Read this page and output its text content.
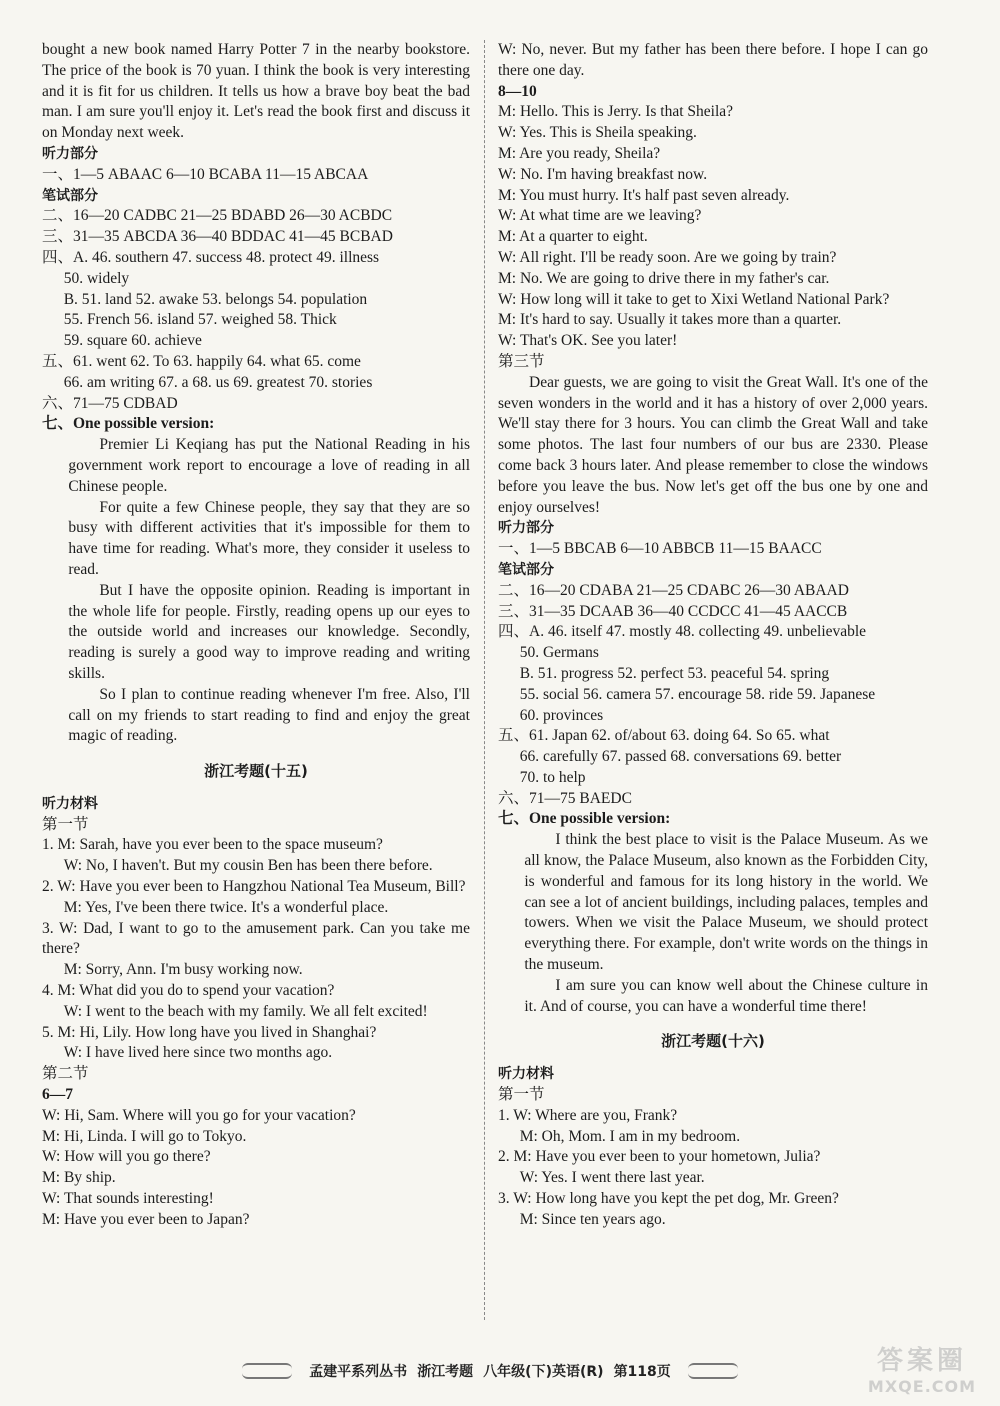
bought a new book named Harry Potter 7 in the nearby bookstore. The price of the book is 70 yuan. I think the book is very interesting and it is fit for us children. It tells us how a brave boy beat the bad man. I am sure you'll enjoy it. Let's read the book first and discuss it on Monday next week.

听力部分

一、1—5 ABAAC 6—10 BCABA 11—15 ABCAA

笔试部分

二、16—20 CADBC 21—25 BDABD 26—30 ACBDC

三、31—35 ABCDA 36—40 BDDAC 41—45 BCBAD

四、A. 46. southern 47. success 48. protect 49. illness

50. widely

B. 51. land 52. awake 53. belongs 54. population

55. French 56. island 57. weighed 58. Thick

59. square 60. achieve

五、61. went 62. To 63. happily 64. what 65. come

66. am writing 67. a 68. us 69. greatest 70. stories

六、71—75 CDBAD

七、One possible version:

Premier Li Keqiang has put the National Reading in his government work report to encourage a love of reading in all Chinese people.

For quite a few Chinese people, they say that they are so busy with different activities that it's impossible for them to have time for reading. What's more, they consider it useless to read.

But I have the opposite opinion. Reading is important in the whole life for people. Firstly, reading opens up our eyes to the outside world and increases our knowledge. Secondly, reading is surely a good way to improve reading and writing skills.

So I plan to continue reading whenever I'm free. Also, I'll call on my friends to start reading to find and enjoy the great magic of reading.

浙江考题(十五)

听力材料

第一节

1. M: Sarah, have you ever been to the space museum?

W: No, I haven't. But my cousin Ben has been there before.

2. W: Have you ever been to Hangzhou National Tea Museum, Bill?

M: Yes, I've been there twice. It's a wonderful place.

3. W: Dad, I want to go to the amusement park. Can you take me there?

M: Sorry, Ann. I'm busy working now.

4. M: What did you do to spend your vacation?

W: I went to the beach with my family. We all felt excited!

5. M: Hi, Lily. How long have you lived in Shanghai?

W: I have lived here since two months ago.

第二节

6—7

W: Hi, Sam. Where will you go for your vacation?

M: Hi, Linda. I will go to Tokyo.

W: How will you go there?

M: By ship.

W: That sounds interesting!

M: Have you ever been to Japan?

W: No, never. But my father has been there before. I hope I can go there one day.

8—10

M: Hello. This is Jerry. Is that Sheila?

W: Yes. This is Sheila speaking.

M: Are you ready, Sheila?

W: No. I'm having breakfast now.

M: You must hurry. It's half past seven already.

W: At what time are we leaving?

M: At a quarter to eight.

W: All right. I'll be ready soon. Are we going by train?

M: No. We are going to drive there in my father's car.

W: How long will it take to get to Xixi Wetland National Park?

M: It's hard to say. Usually it takes more than a quarter.

W: That's OK. See you later!

第三节

Dear guests, we are going to visit the Great Wall. It's one of the seven wonders in the world and it has a history of over 2,000 years. We'll stay there for 3 hours. You can climb the Great Wall and take some photos. The last four numbers of our bus are 2330. Please come back 3 hours later. And please remember to close the windows before you leave the bus. Now let's get off the bus one by one and enjoy ourselves!

听力部分

一、1—5 BBCAB 6—10 ABBCB 11—15 BAACC

笔试部分

二、16—20 CDABA 21—25 CDABC 26—30 ABAAD

三、31—35 DCAAB 36—40 CCDCC 41—45 AACCB

四、A. 46. itself 47. mostly 48. collecting 49. unbelievable

50. Germans

B. 51. progress 52. perfect 53. peaceful 54. spring

55. social 56. camera 57. encourage 58. ride 59. Japanese

60. provinces

五、61. Japan 62. of/about 63. doing 64. So 65. what

66. carefully 67. passed 68. conversations 69. better

70. to help

六、71—75 BAEDC

七、One possible version:

I think the best place to visit is the Palace Museum. As we all know, the Palace Museum, also known as the Forbidden City, is wonderful and famous for its long history in the world. We can see a lot of ancient buildings, including palaces, temples and towers. When we visit the Palace Museum, we should protect everything there. For example, don't write words on the things in the museum.

I am sure you can know well about the Chinese culture in it. And of course, you can have a wonderful time there!

浙江考题(十六)

听力材料

第一节

1. W: Where are you, Frank?

M: Oh, Mom. I am in my bedroom.

2. M: Have you ever been to your hometown, Julia?

W: Yes. I went there last year.

3. W: How long have you kept the pet dog, Mr. Green?

M: Since ten years ago.

孟建平系列丛书 浙江考题 八年级(下)英语(R) 第118页	答案圈
MXQE.COM
